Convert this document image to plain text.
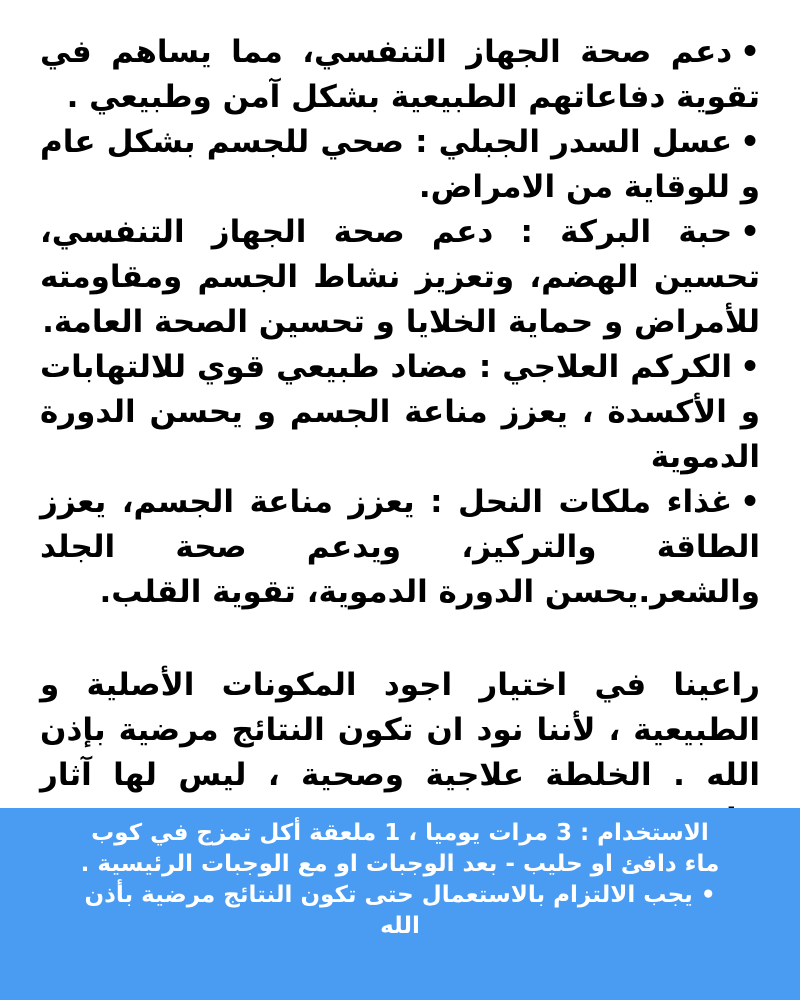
•دعم صحة الجهاز التنفسي، مما يساهم في تقوية دفاعاتهم الطبيعية بشكل آمن وطبيعي .

•عسل السدر الجبلي : صحي للجسم بشكل عام و للوقاية من الامراض.

•حبة البركة : دعم صحة الجهاز التنفسي، تحسين الهضم، وتعزيز نشاط الجسم ومقاومته للأمراض و حماية الخلايا و تحسين الصحة العامة.

•الكركم العلاجي : مضاد طبيعي قوي للالتهابات و الأكسدة ، يعزز مناعة الجسم و يحسن الدورة الدموية

•غذاء ملكات النحل : يعزز مناعة الجسم، يعزز الطاقة والتركيز، ويدعم صحة الجلد والشعر.يحسن الدورة الدموية، تقوية القلب.

راعينا في اختيار اجود المكونات الأصلية و الطبيعية ، لأننا نود ان تكون النتائج مرضية بإذن الله . الخلطة علاجية وصحية ، ليس لها آثار

الاستخدام : 3 مرات يوميا ، 1 ملعقة أكل تمزج في كوب ماء دافئ او حليب - بعد الوجبات او مع الوجبات الرئيسية .

• يجب الالتزام بالاستعمال حتى تكون النتائج مرضية بأذن الله
